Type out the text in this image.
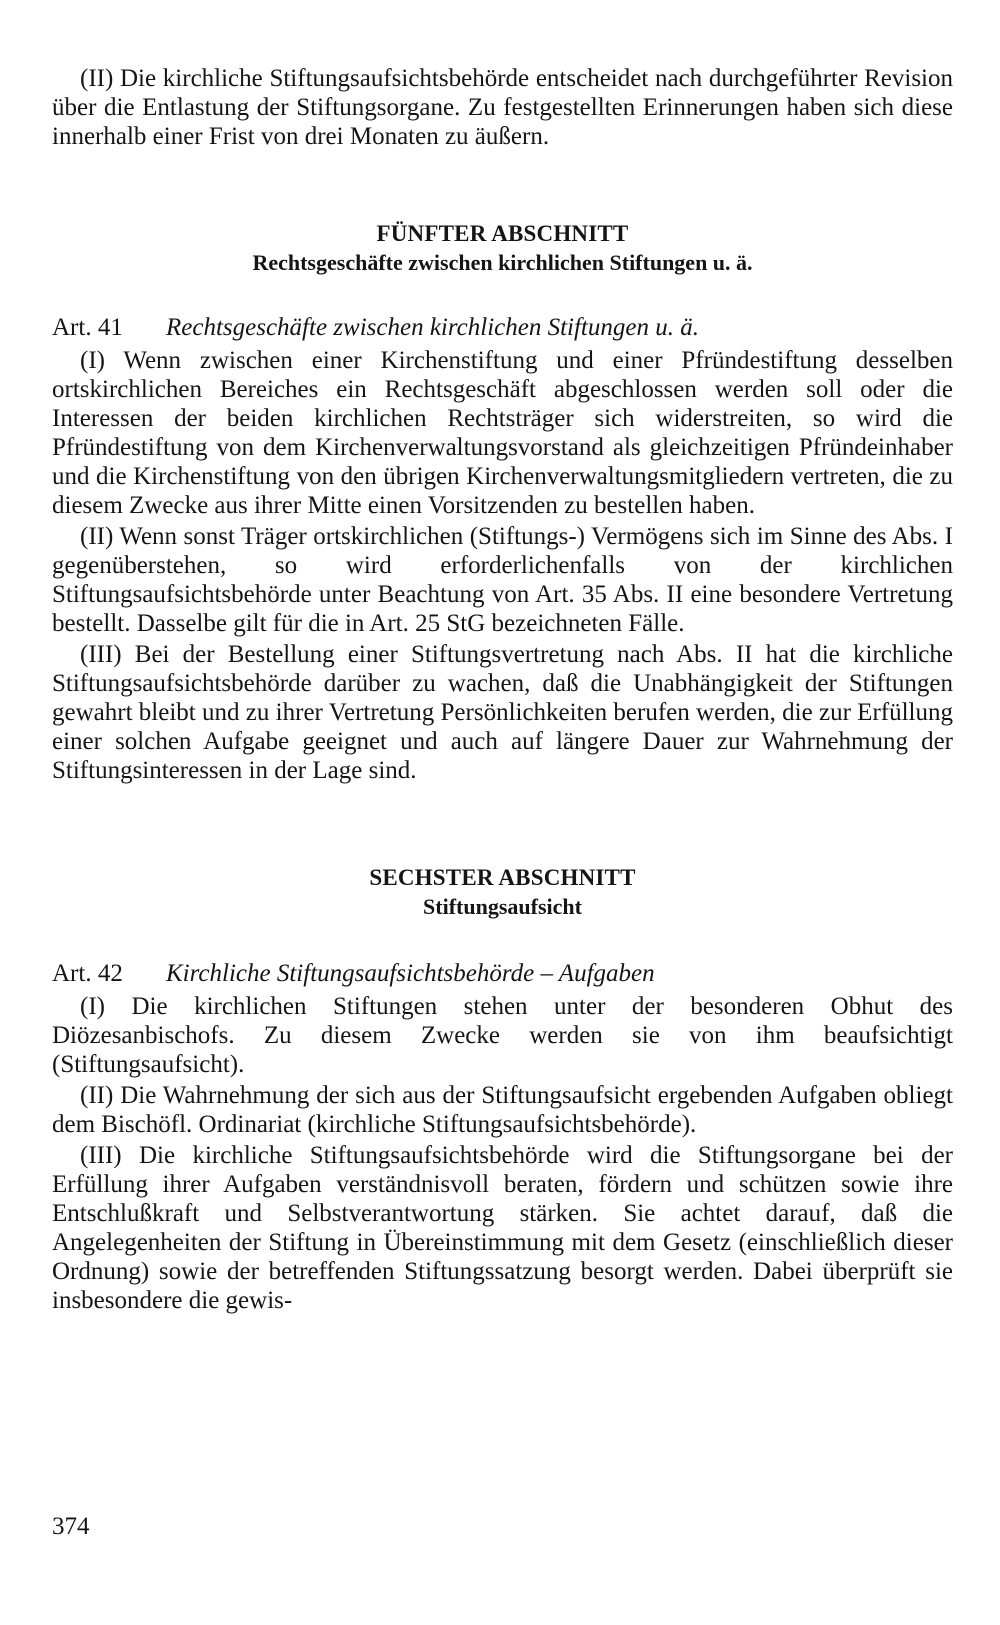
(II) Die kirchliche Stiftungsaufsichtsbehörde entscheidet nach durchgeführter Revision über die Entlastung der Stiftungsorgane. Zu festgestellten Erinnerungen haben sich diese innerhalb einer Frist von drei Monaten zu äußern.

FÜNFTER ABSCHNITT
Rechtsgeschäfte zwischen kirchlichen Stiftungen u. ä.
Art. 41	Rechtsgeschäfte zwischen kirchlichen Stiftungen u. ä.

(I) Wenn zwischen einer Kirchenstiftung und einer Pfründestiftung desselben ortskirchlichen Bereiches ein Rechtsgeschäft abgeschlossen werden soll oder die Interessen der beiden kirchlichen Rechtsträger sich widerstreiten, so wird die Pfründestiftung von dem Kirchenverwaltungsvorstand als gleichzeitigen Pfründeinhaber und die Kirchenstiftung von den übrigen Kirchenverwaltungsmitgliedern vertreten, die zu diesem Zwecke aus ihrer Mitte einen Vorsitzenden zu bestellen haben.

(II) Wenn sonst Träger ortskirchlichen (Stiftungs-) Vermögens sich im Sinne des Abs. I gegenüberstehen, so wird erforderlichenfalls von der kirchlichen Stiftungsaufsichtsbehörde unter Beachtung von Art. 35 Abs. II eine besondere Vertretung bestellt. Dasselbe gilt für die in Art. 25 StG bezeichneten Fälle.

(III) Bei der Bestellung einer Stiftungsvertretung nach Abs. II hat die kirchliche Stiftungsaufsichtsbehörde darüber zu wachen, daß die Unabhängigkeit der Stiftungen gewahrt bleibt und zu ihrer Vertretung Persönlichkeiten berufen werden, die zur Erfüllung einer solchen Aufgabe geeignet und auch auf längere Dauer zur Wahrnehmung der Stiftungsinteressen in der Lage sind.

SECHSTER ABSCHNITT
Stiftungsaufsicht
Art. 42	Kirchliche Stiftungsaufsichtsbehörde – Aufgaben

(I) Die kirchlichen Stiftungen stehen unter der besonderen Obhut des Diözesanbischofs. Zu diesem Zwecke werden sie von ihm beaufsichtigt (Stiftungsaufsicht).

(II) Die Wahrnehmung der sich aus der Stiftungsaufsicht ergebenden Aufgaben obliegt dem Bischöfl. Ordinariat (kirchliche Stiftungsaufsichtsbehörde).

(III) Die kirchliche Stiftungsaufsichtsbehörde wird die Stiftungsorgane bei der Erfüllung ihrer Aufgaben verständnisvoll beraten, fördern und schützen sowie ihre Entschlußkraft und Selbstverantwortung stärken. Sie achtet darauf, daß die Angelegenheiten der Stiftung in Übereinstimmung mit dem Gesetz (einschließlich dieser Ordnung) sowie der betreffenden Stiftungssatzung besorgt werden. Dabei überprüft sie insbesondere die gewis-

374
